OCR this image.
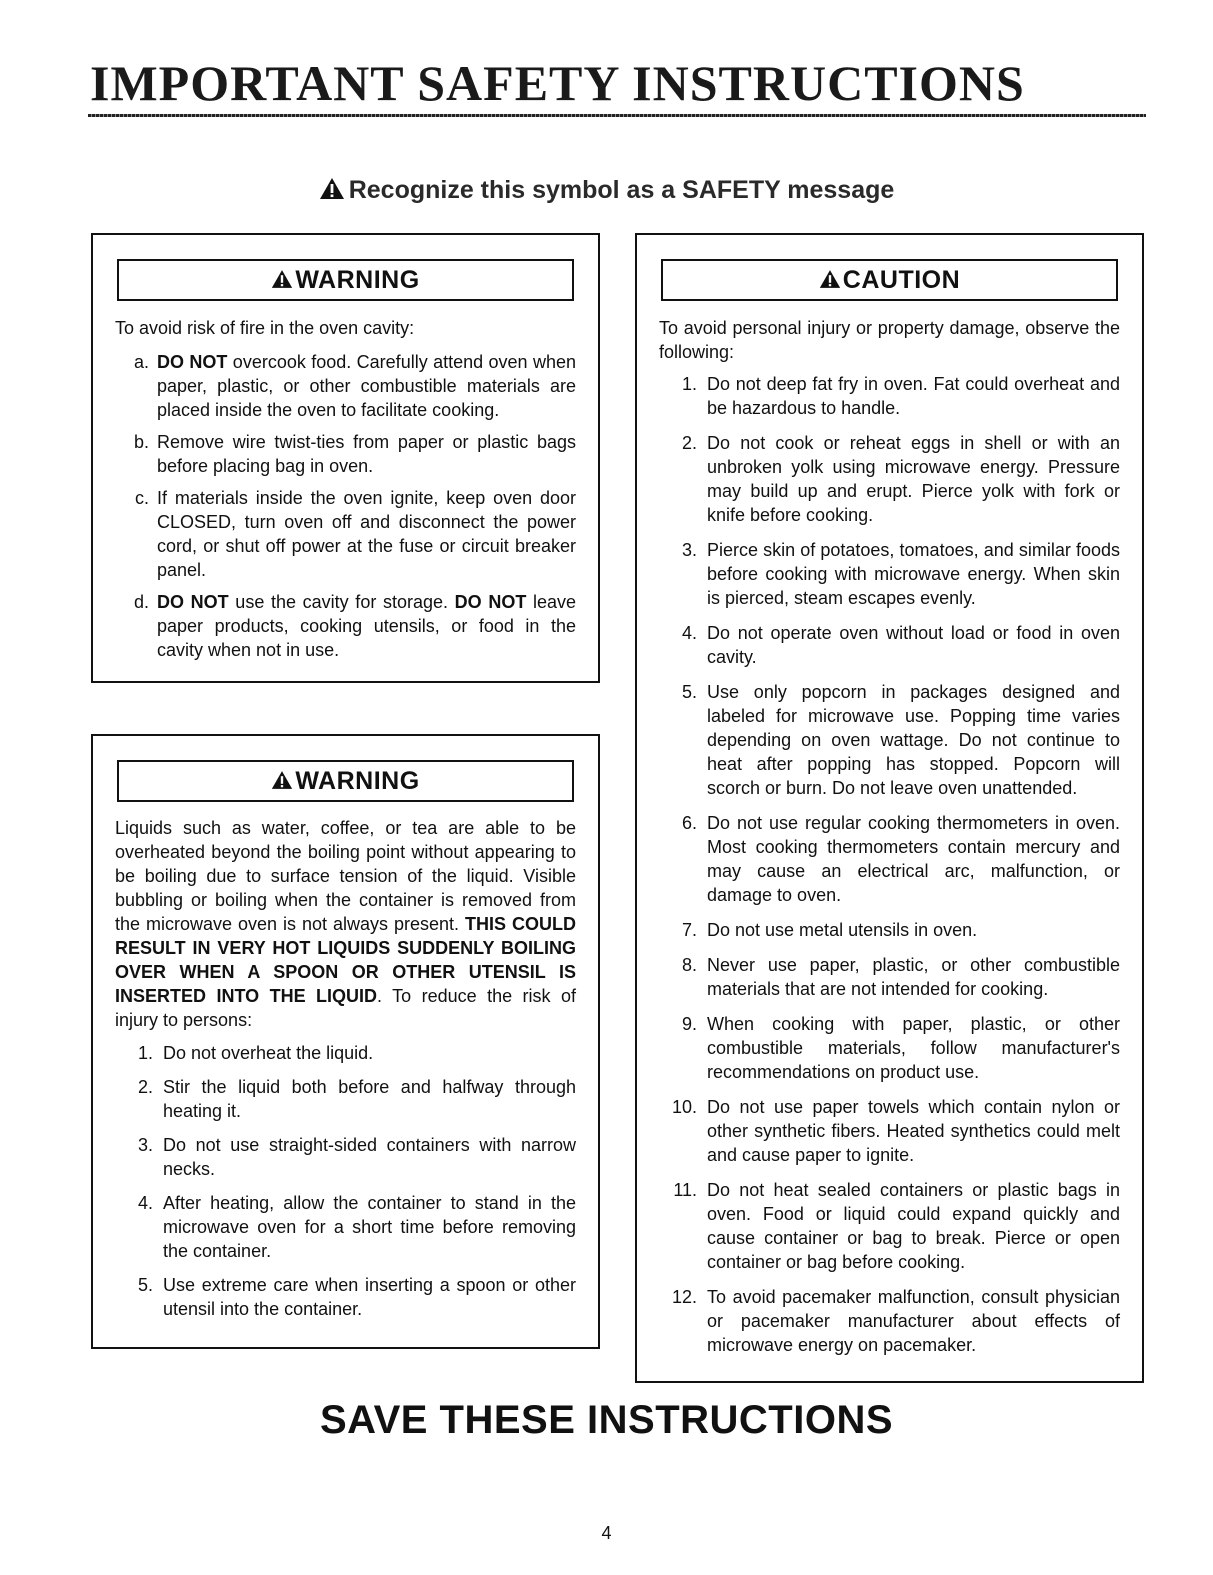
IMPORTANT SAFETY INSTRUCTIONS
Recognize this symbol as a SAFETY message
WARNING

To avoid risk of fire in the oven cavity:

a. DO NOT overcook food. Carefully attend oven when paper, plastic, or other combustible materials are placed inside the oven to facilitate cooking.
b. Remove wire twist-ties from paper or plastic bags before placing bag in oven.
c. If materials inside the oven ignite, keep oven door CLOSED, turn oven off and disconnect the power cord, or shut off power at the fuse or circuit breaker panel.
d. DO NOT use the cavity for storage. DO NOT leave paper products, cooking utensils, or food in the cavity when not in use.
WARNING

Liquids such as water, coffee, or tea are able to be overheated beyond the boiling point without appearing to be boiling due to surface tension of the liquid. Visible bubbling or boiling when the container is removed from the microwave oven is not always present. THIS COULD RESULT IN VERY HOT LIQUIDS SUDDENLY BOILING OVER WHEN A SPOON OR OTHER UTENSIL IS INSERTED INTO THE LIQUID. To reduce the risk of injury to persons:

1. Do not overheat the liquid.
2. Stir the liquid both before and halfway through heating it.
3. Do not use straight-sided containers with narrow necks.
4. After heating, allow the container to stand in the microwave oven for a short time before removing the container.
5. Use extreme care when inserting a spoon or other utensil into the container.
CAUTION

To avoid personal injury or property damage, observe the following:

1. Do not deep fat fry in oven. Fat could overheat and be hazardous to handle.
2. Do not cook or reheat eggs in shell or with an unbroken yolk using microwave energy. Pressure may build up and erupt. Pierce yolk with fork or knife before cooking.
3. Pierce skin of potatoes, tomatoes, and similar foods before cooking with microwave energy. When skin is pierced, steam escapes evenly.
4. Do not operate oven without load or food in oven cavity.
5. Use only popcorn in packages designed and labeled for microwave use. Popping time varies depending on oven wattage. Do not continue to heat after popping has stopped. Popcorn will scorch or burn. Do not leave oven unattended.
6. Do not use regular cooking thermometers in oven. Most cooking thermometers contain mercury and may cause an electrical arc, malfunction, or damage to oven.
7. Do not use metal utensils in oven.
8. Never use paper, plastic, or other combustible materials that are not intended for cooking.
9. When cooking with paper, plastic, or other combustible materials, follow manufacturer's recommendations on product use.
10. Do not use paper towels which contain nylon or other synthetic fibers. Heated synthetics could melt and cause paper to ignite.
11. Do not heat sealed containers or plastic bags in oven. Food or liquid could expand quickly and cause container or bag to break. Pierce or open container or bag before cooking.
12. To avoid pacemaker malfunction, consult physician or pacemaker manufacturer about effects of microwave energy on pacemaker.
SAVE THESE INSTRUCTIONS
4
